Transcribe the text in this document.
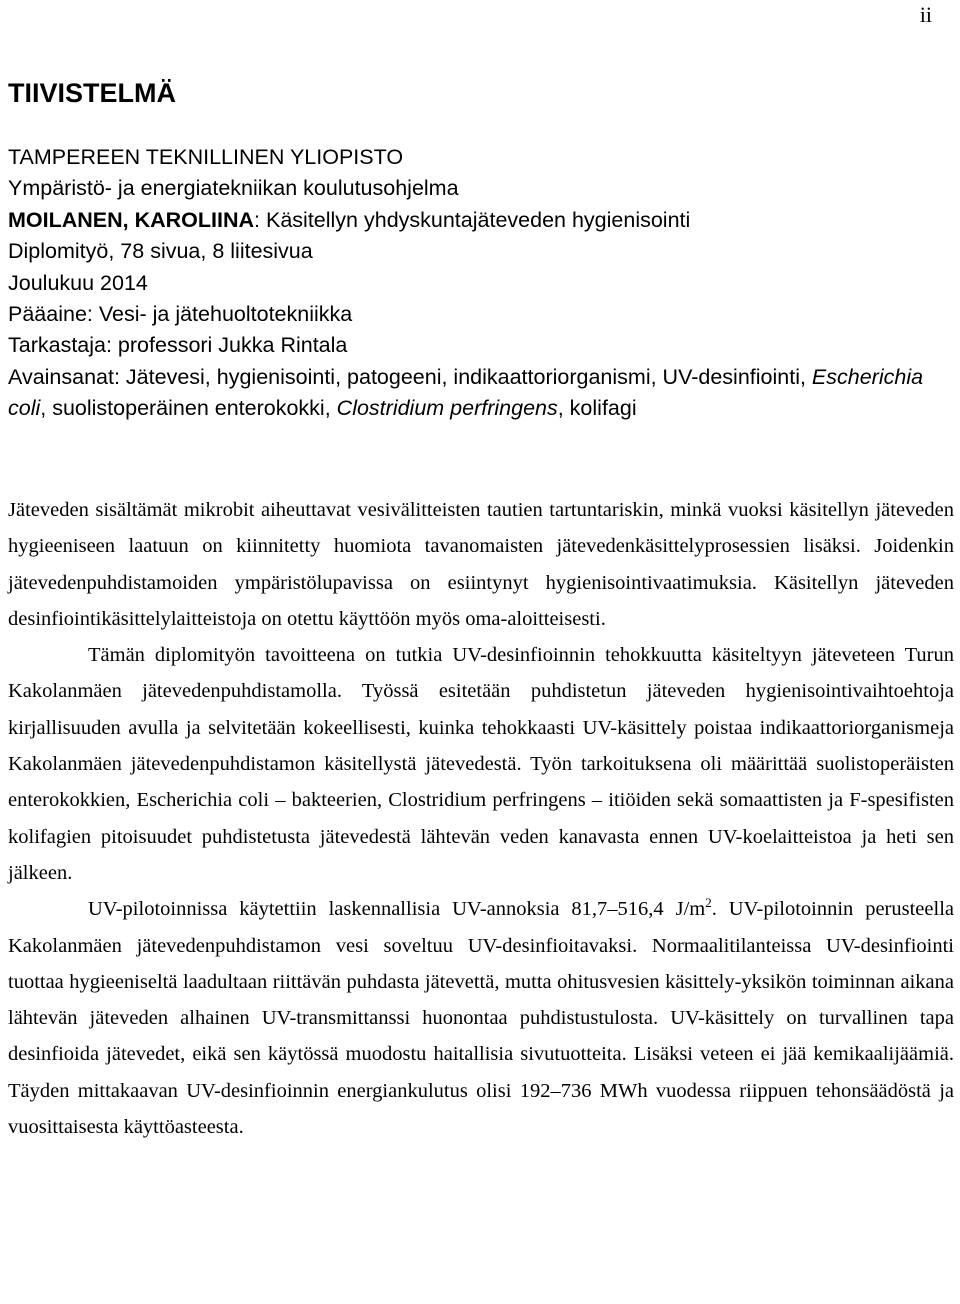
ii
TIIVISTELMÄ
TAMPEREEN TEKNILLINEN YLIOPISTO
Ympäristö- ja energiatekniikan koulutusohjelma
MOILANEN, KAROLIINA: Käsitellyn yhdyskuntajäteveden hygienisointi
Diplomityö, 78 sivua, 8 liitesivua
Joulukuu 2014
Pääaine: Vesi- ja jätehuoltotekniikka
Tarkastaja: professori Jukka Rintala
Avainsanat: Jätevesi, hygienisointi, patogeeni, indikaattoriorganismi, UV-desinfiointi, Escherichia coli, suolistoperäinen enterokokki, Clostridium perfringens, kolifagi

Jäteveden sisältämät mikrobit aiheuttavat vesivälitteisten tautien tartuntariskin, minkä vuoksi käsitellyn jäteveden hygieeniseen laatuun on kiinnitetty huomiota tavanomaisten jätevedenkäsittelyprosessien lisäksi. Joidenkin jätevedenpuhdistamoiden ympäristölupavissa on esiintynyt hygienisointivaatimuksia. Käsitellyn jäteveden desinfiointikäsittelylaitteistoja on otettu käyttöön myös oma-aloitteisesti.

Tämän diplomityön tavoitteena on tutkia UV-desinfioinnin tehokkuutta käsiteltyyn jäteveteen Turun Kakolanmäen jätevedenpuhdistamolla. Työssä esitetään puhdistetun jäteveden hygienisointivaihtoehtoja kirjallisuuden avulla ja selvitetään kokeellisesti, kuinka tehokkaasti UV-käsittely poistaa indikaattoriorganismeja Kakolanmäen jätevedenpuhdistamon käsitellystä jätevedestä. Työn tarkoituksena oli määrittää suolistoperäisten enterokokkien, Escherichia coli – bakteerien, Clostridium perfringens – itiöiden sekä somaattisten ja F-spesifisten kolifagien pitoisuudet puhdistetusta jätevedestä lähtevän veden kanavasta ennen UV-koelaitteistoa ja heti sen jälkeen.

UV-pilotoinnissa käytettiin laskennallisia UV-annoksia 81,7–516,4 $J/m^2$. UV-pilotoinnin perusteella Kakolanmäen jätevedenpuhdistamon vesi soveltuu UV-desinfioitavaksi. Normaalitilanteissa UV-desinfiointi tuottaa hygieeniseltä laadultaan riittävän puhdasta jätevettä, mutta ohitusvesien käsittely-yksikön toiminnan aikana lähtevän jäteveden alhainen UV-transmittanssi huonontaa puhdistustulosta. UV-käsittely on turvallinen tapa desinfioida jätevedet, eikä sen käytössä muodostu haitallisia sivutuotteita. Lisäksi veteen ei jää kemikaalijäämiä. Täyden mittakaavan UV-desinfioinnin energiankulutus olisi 192–736 MWh vuodessa riippuen tehonsäädöstä ja vuosittaisesta käyttöasteesta.
